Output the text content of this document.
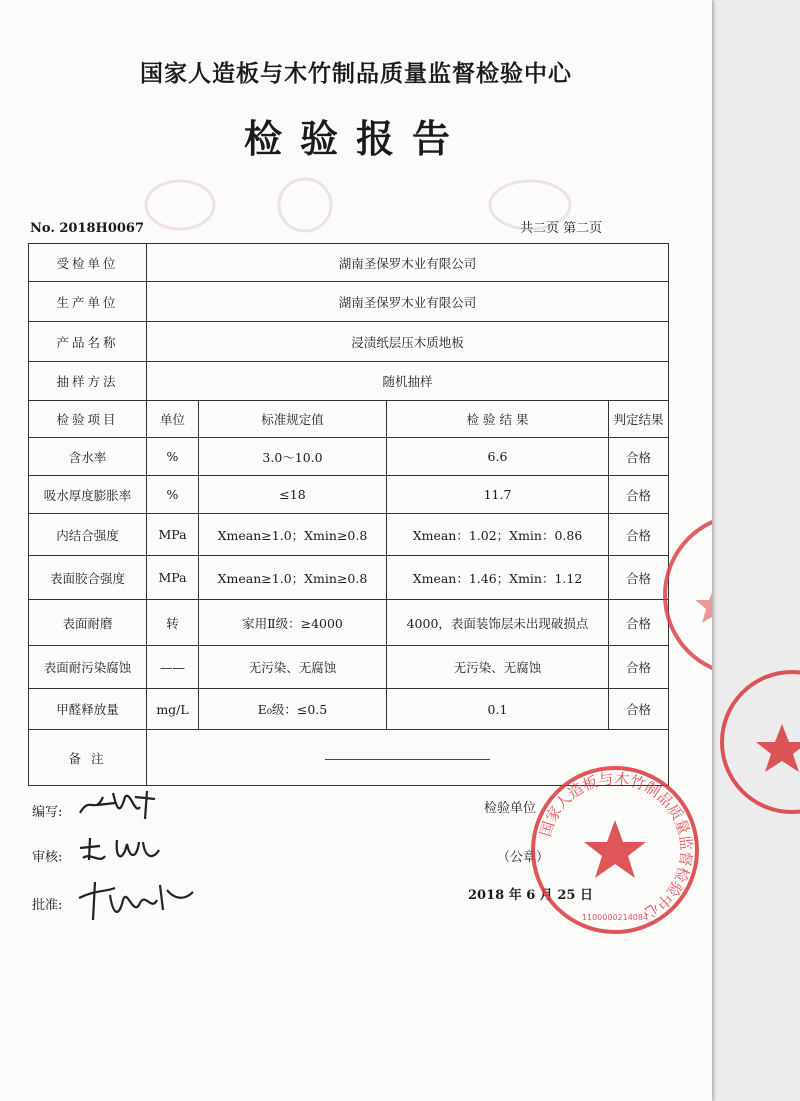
国家人造板与木竹制品质量监督检验中心
检验报告
No. 2018H0067	共二页 第二页
受检单位	湖南圣保罗木业有限公司			
生产单位	湖南圣保罗木业有限公司			
产品名称	浸渍纸层压木质地板			
抽样方法	随机抽样			
检验项目	单位	标准规定值	检 验 结 果	判定结果
含水率	%	3.0～10.0	6.6	合格
吸水厚度膨胀率	%	≤18	11.7	合格
内结合强度	MPa	Xmean≥1.0；Xmin≥0.8	Xmean：1.02；Xmin：0.86	合格
表面胶合强度	MPa	Xmean≥1.0；Xmin≥0.8	Xmean：1.46；Xmin：1.12	合格
表面耐磨	转	家用Ⅱ级：≥4000	4000，表面装饰层未出现破损点	合格
表面耐污染腐蚀	——	无污染、无腐蚀	无污染、无腐蚀	合格
甲醛释放量	mg/L	E₀级：≤0.5	0.1	合格
备 注				
编写:
审核:
批准:
检验单位
（公章）
2018 年 6 月 25 日
国家人造板与木竹制品质量监督检验中心
1100000214084
